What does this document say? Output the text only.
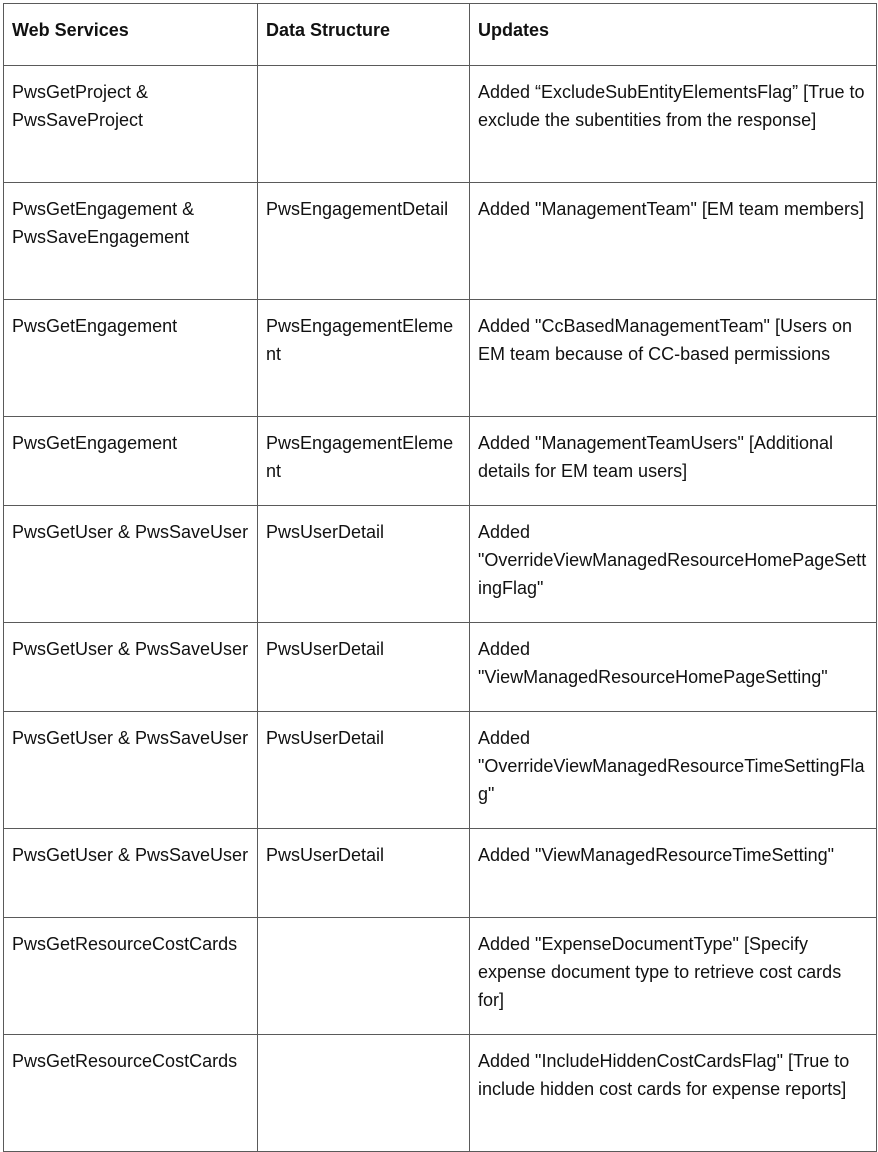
Web Services	Data Structure	Updates
PwsGetProject & PwsSaveProject		Added “ExcludeSubEntityElementsFlag” [True to exclude the subentities from the response]
PwsGetEngagement & PwsSaveEngagement	PwsEngagementDetail	Added "ManagementTeam" [EM team members]
PwsGetEngagement	PwsEngagementElement	Added "CcBasedManagementTeam" [Users on EM team because of CC-based permissions
PwsGetEngagement	PwsEngagementElement	Added "ManagementTeamUsers" [Additional details for EM team users]
PwsGetUser & PwsSaveUser	PwsUserDetail	Added "OverrideViewManagedResourceHomePageSettingFlag"
PwsGetUser & PwsSaveUser	PwsUserDetail	Added "ViewManagedResourceHomePageSetting"
PwsGetUser & PwsSaveUser	PwsUserDetail	Added "OverrideViewManagedResourceTimeSettingFlag"
PwsGetUser & PwsSaveUser	PwsUserDetail	Added "ViewManagedResourceTimeSetting"
PwsGetResourceCostCards		Added "ExpenseDocumentType" [Specify expense document type to retrieve cost cards for]
PwsGetResourceCostCards		Added "IncludeHiddenCostCardsFlag" [True to include hidden cost cards for expense reports]
